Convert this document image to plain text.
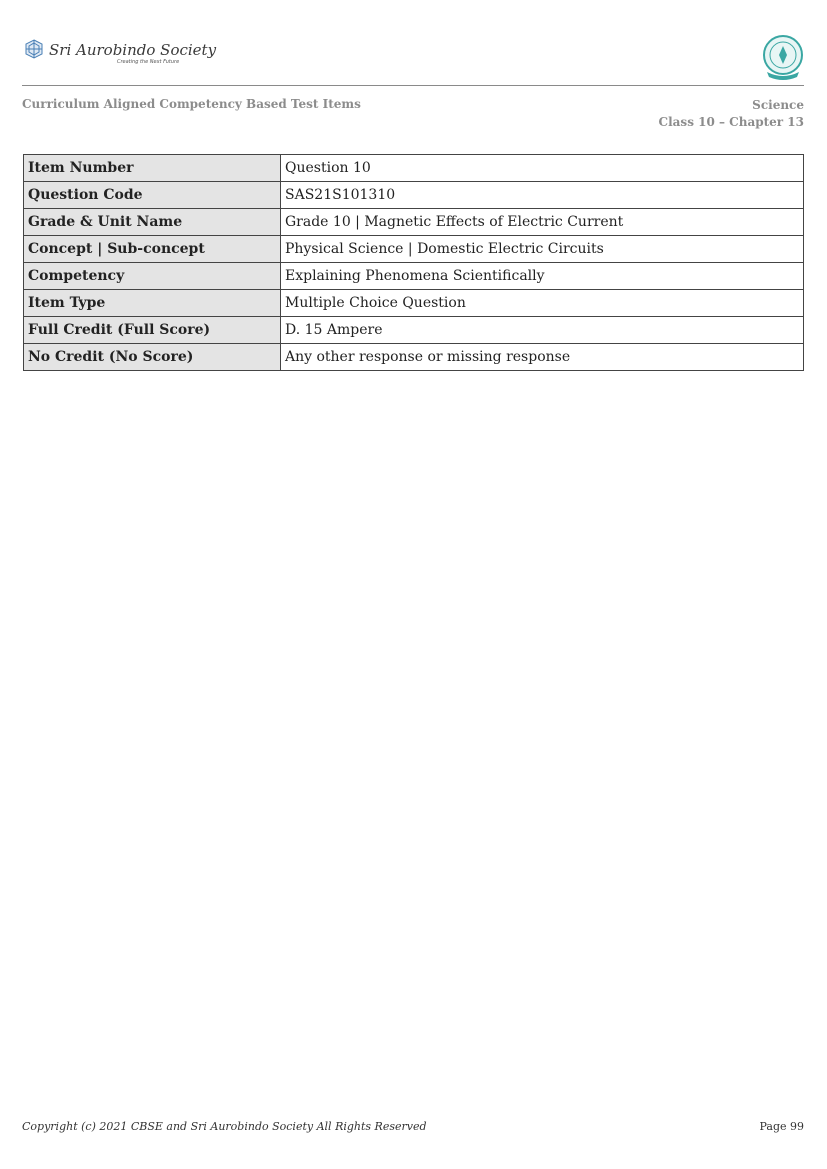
Sri Aurobindo Society
Creating the Next Future
Curriculum Aligned Competency Based Test Items	Science
Class 10 – Chapter 13
Item Number	Question 10
Question Code	SAS21S101310
Grade & Unit Name	Grade 10 | Magnetic Effects of Electric Current
Concept | Sub-concept	Physical Science | Domestic Electric Circuits
Competency	Explaining Phenomena Scientifically
Item Type	Multiple Choice Question
Full Credit (Full Score)	D. 15 Ampere
No Credit (No Score)	Any other response or missing response
Copyright (c) 2021 CBSE and Sri Aurobindo Society All Rights Reserved	Page 99
